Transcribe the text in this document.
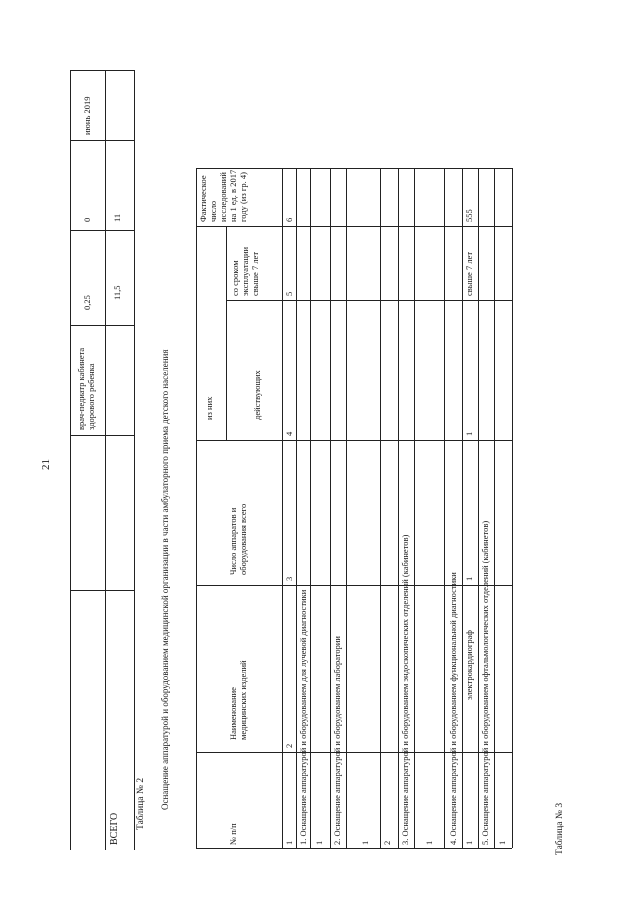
21
врач-педиатр кабинета здорового ребенка
0,25
0
июнь 2019
ВСЕГО
11,5
11
Таблица № 2 Оснащение аппаратурой и оборудованием медицинской организации в части амбулаторного приема детского населения
№ п/п
Наименование медицинских изделий
Число аппаратов и оборудования всего
из них	действующих
со сроком эксплуатации свыше 7 лет
Фактическое число исследований на 1 ед. в 2017 году (из гр. 4)
1
2
3
4
5
6
1. Оснащение аппаратурой и оборудованием для лучевой диагностики 1 2. Оснащение аппаратурой и оборудованием лаборатории 1 2 3. Оснащение аппаратурой и оборудованием эндоскопических отделений (кабинетов) 1 4. Оснащение аппаратурой и оборудованием функциональной диагностики 1
электрокардиограф
1
1
свыше 7 лет
555
5. Оснащение аппаратурой и оборудованием офтальмологических отделений (кабинетов) 1	Таблица № 3
